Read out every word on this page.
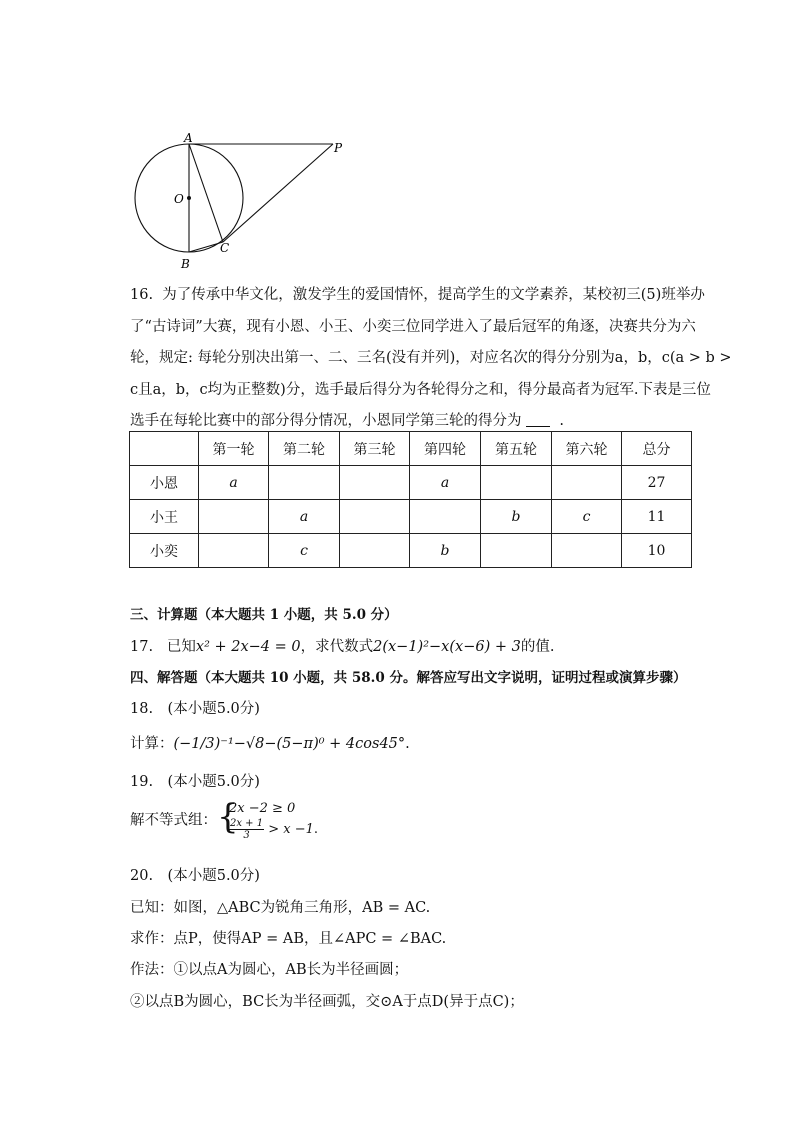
A
P
O
C
B

16. 为了传承中华文化，激发学生的爱国情怀，提高学生的文学素养，某校初三(5)班举办

了“古诗词”大赛，现有小恩、小王、小奕三位同学进入了最后冠军的角逐，决赛共分为六

轮，规定: 每轮分别决出第一、二、三名(没有并列)，对应名次的得分分别为a，b，c(a > b >

c且a，b，c均为正整数)分，选手最后得分为各轮得分之和，得分最高者为冠军.下表是三位

选手在每轮比赛中的部分得分情况，小恩同学第三轮的得分为	.

	第一轮	第二轮	第三轮	第四轮	第五轮	第六轮	总分
小恩	a			a			27
小王		a			b	c	11
小奕		c		b			10
三、计算题（本大题共 1 小题，共 5.0 分）
17. 已知x² + 2x−4 = 0，求代数式2(x−1)²−x(x−6) + 3的值.
四、解答题（本大题共 10 小题，共 58.0 分。解答应写出文字说明，证明过程或演算步骤）
18.　(本小题5.0分)
计算：(−1/3)⁻¹−√8−(5−π)⁰ + 4cos45°.
19.　(本小题5.0分)
解不等式组： {
2x −2 ≥ 0
$\frac{2x + 1}{3} > x -1$.
20.　(本小题5.0分)
已知：如图，△ABC为锐角三角形，AB = AC.
求作：点P，使得AP = AB，且∠APC = ∠BAC.
作法：①以点A为圆心，AB长为半径画圆；
②以点B为圆心，BC长为半径画弧，交⊙A于点D(异于点C)；
